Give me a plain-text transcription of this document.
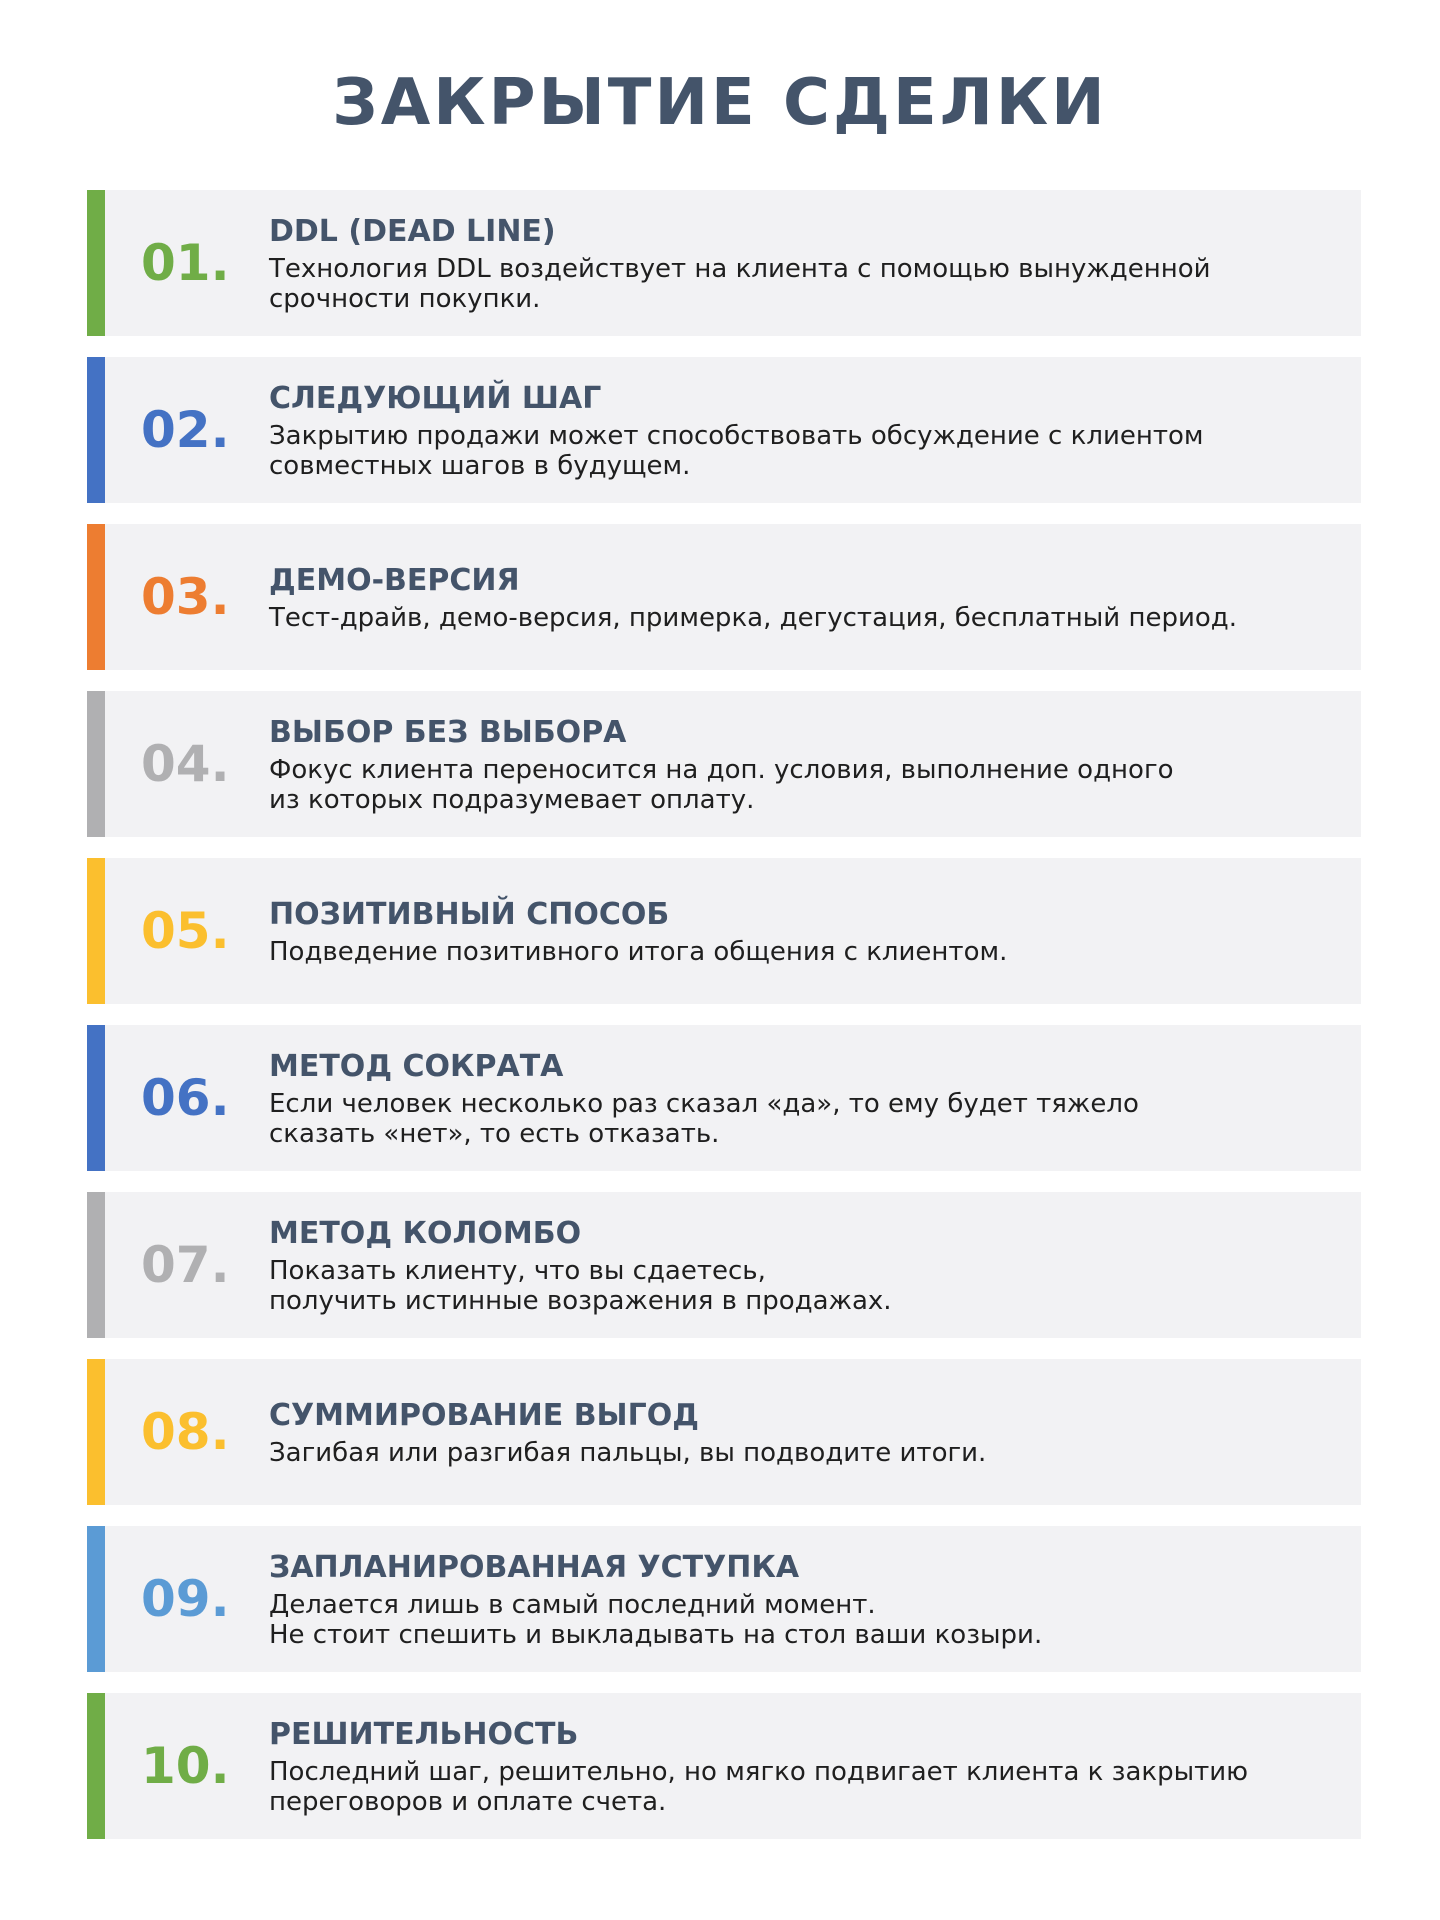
ЗАКРЫТИЕ СДЕЛКИ
01.
DDL (DEAD LINE)
Технология DDL воздействует на клиента с помощью вынужденной
срочности покупки.
02.
СЛЕДУЮЩИЙ ШАГ
Закрытию продажи может способствовать обсуждение с клиентом
совместных шагов в будущем.
03. ДЕМО-ВЕРСИЯ
Тест-драйв, демо-версия, примерка, дегустация, бесплатный период.
04.
ВЫБОР БЕЗ ВЫБОРА
Фокус клиента переносится на доп. условия, выполнение одного
из которых подразумевает оплату.
05. ПОЗИТИВНЫЙ СПОСОБ
Подведение позитивного итога общения с клиентом.
06.
МЕТОД СОКРАТА
Если человек несколько раз сказал «да», то ему будет тяжело
сказать «нет», то есть отказать.
07.
МЕТОД КОЛОМБО
Показать клиенту, что вы сдаетесь,
получить истинные возражения в продажах.
08. СУММИРОВАНИЕ ВЫГОД
Загибая или разгибая пальцы, вы подводите итоги.
09.
ЗАПЛАНИРОВАННАЯ УСТУПКА
Делается лишь в самый последний момент.
Не стоит спешить и выкладывать на стол ваши козыри.
10.
РЕШИТЕЛЬНОСТЬ
Последний шаг, решительно, но мягко подвигает клиента к закрытию
переговоров и оплате счета.
